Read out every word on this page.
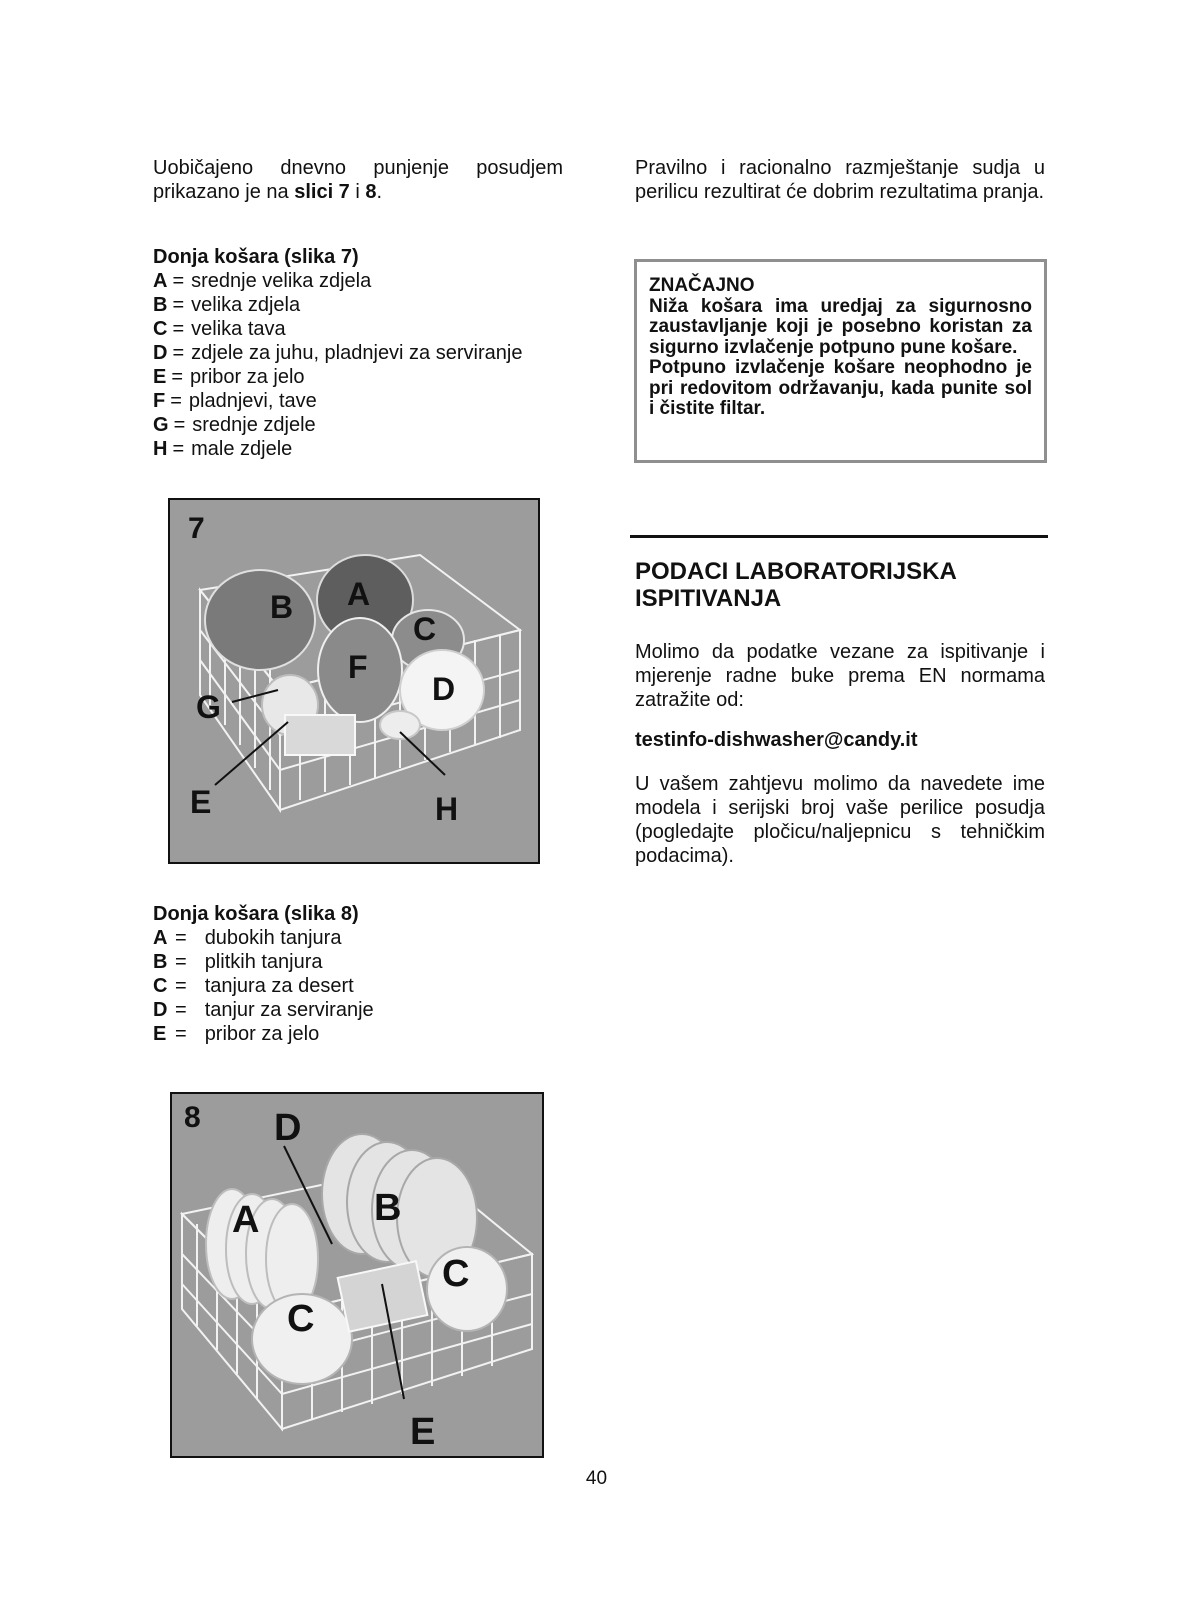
Uobičajeno dnevno punjenje posudjem prikazano je na slici 7 i 8.

Donja košara (slika 7)

A = srednje velika zdjela
B = velika zdjela
C = velika tava
D = zdjele za juhu, pladnjevi za serviranje
E = pribor za jelo
F = pladnjevi, tave
G = srednje zdjele
H = male zdjele
7
B A
C
F
D
G
E	H

Donja košara (slika 8)

A = dubokih tanjura
B = plitkih tanjura
C = tanjura za desert
D = tanjur za serviranje
E = pribor za jelo
8 D
A	B
C
C
E
Pravilno i racionalno razmještanje sudja u perilicu rezultirat će dobrim rezultatima pranja.
ZNAČAJNO
Niža košara ima uredjaj za sigurnosno zaustavljanje koji je posebno koristan za sigurno izvlačenje potpuno pune košare.
Potpuno izvlačenje košare neophodno je pri redovitom održavanju, kada punite sol i čistite filtar.
PODACI LABORATORIJSKA ISPITIVANJA
Molimo da podatke vezane za ispitivanje i mjerenje radne buke prema EN normama zatražite od:
testinfo-dishwasher@candy.it
U vašem zahtjevu molimo da navedete ime modela i serijski broj vaše perilice posudja (pogledajte pločicu/naljepnicu s tehničkim podacima).
40
